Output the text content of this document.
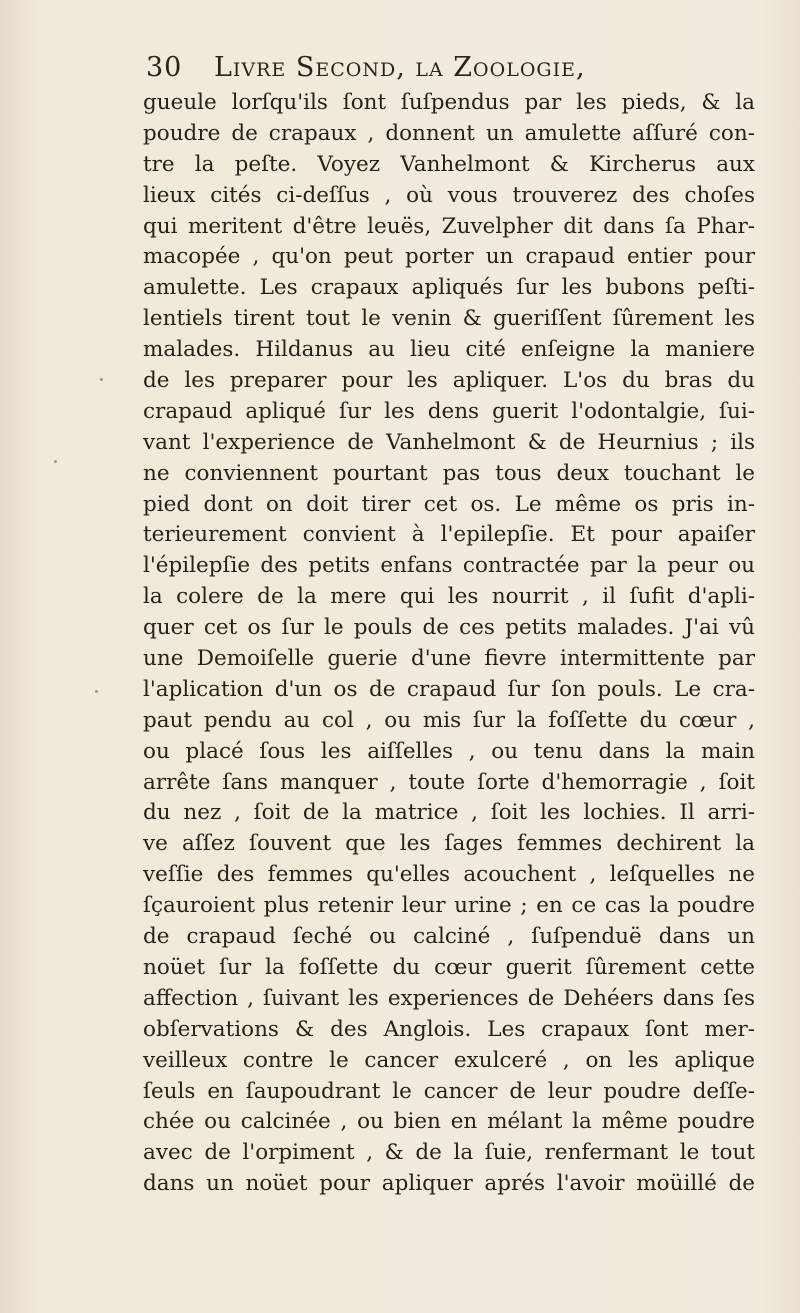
30 Livre Second, la Zoologie,
gueule lorſqu'ils ſont ſuſpendus par les pieds, & la
poudre de crapaux , donnent un amulette aſſuré con-
tre la peſte. Voyez Vanhelmont & Kircherus aux
lieux cités ci-deſſus , où vous trouverez des choſes
qui meritent d'être leuës, Zuvelpher dit dans ſa Phar-
macopée , qu'on peut porter un crapaud entier pour
amulette. Les crapaux apliqués ſur les bubons peſti-
lentiels tirent tout le venin & gueriſſent ſûrement les
malades. Hildanus au lieu cité enſeigne la maniere
de les preparer pour les apliquer. L'os du bras du
crapaud apliqué ſur les dens guerit l'odontalgie, ſui-
vant l'experience de Vanhelmont & de Heurnius ; ils
ne conviennent pourtant pas tous deux touchant le
pied dont on doit tirer cet os. Le même os pris in-
terieurement convient à l'epilepſie. Et pour apaiſer
l'épilepſie des petits enfans contractée par la peur ou
la colere de la mere qui les nourrit , il ſufit d'apli-
quer cet os ſur le pouls de ces petits malades. J'ai vû
une Demoiſelle guerie d'une fievre intermittente par
l'aplication d'un os de crapaud ſur ſon pouls. Le cra-
paut pendu au col , ou mis ſur la foſſette du cœur ,
ou placé ſous les aiſſelles , ou tenu dans la main
arrête ſans manquer , toute ſorte d'hemorragie , ſoit
du nez , ſoit de la matrice , ſoit les lochies. Il arri-
ve aſſez ſouvent que les ſages femmes dechirent la
veſſie des femmes qu'elles acouchent , leſquelles ne
ſçauroient plus retenir leur urine ; en ce cas la poudre
de crapaud ſeché ou calciné , ſuſpenduë dans un
noüet ſur la foſſette du cœur guerit ſûrement cette
affection , ſuivant les experiences de Dehéers dans ſes
obſervations & des Anglois. Les crapaux ſont mer-
veilleux contre le cancer exulceré , on les aplique
ſeuls en ſaupoudrant le cancer de leur poudre deſſe-
chée ou calcinée , ou bien en mélant la même poudre
avec de l'orpiment , & de la ſuie, renfermant le tout
dans un noüet pour apliquer aprés l'avoir moüillé de
